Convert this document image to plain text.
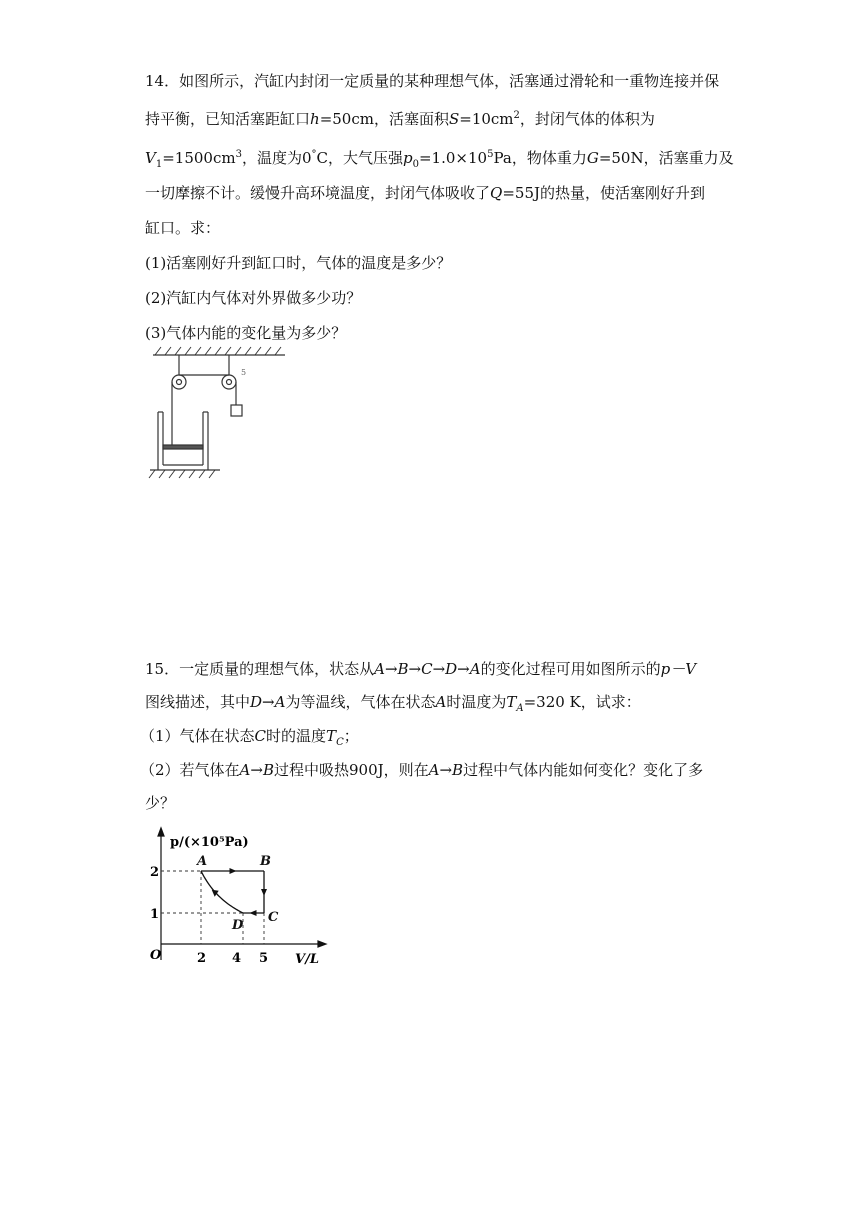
14．如图所示，汽缸内封闭一定质量的某种理想气体，活塞通过滑轮和一重物连接并保
持平衡，已知活塞距缸口h=50cm，活塞面积$S=10cm^2$，封闭气体的体积为
$V_1=1500cm^3$，温度为0°C，大气压强$p_0=1.0\times 10^5Pa$，物体重力G=50N，活塞重力及
一切摩擦不计。缓慢升高环境温度，封闭气体吸收了Q=55J的热量，使活塞刚好升到
缸口。求：
(1)活塞刚好升到缸口时，气体的温度是多少？
(2)汽缸内气体对外界做多少功？
(3)气体内能的变化量为多少？
5
15．一定质量的理想气体，状态从A→B→C→D→A的变化过程可用如图所示的p－V
图线描述，其中D→A为等温线，气体在状态A时温度为$T_A=320$ K，试求：
（1）气体在状态C时的温度$T_C$；
（2）若气体在A→B过程中吸热900J，则在A→B过程中气体内能如何变化？变化了多
少？
A	B
C
D
p/(×10⁵Pa)
V/L
O
2
1
2 4 5
